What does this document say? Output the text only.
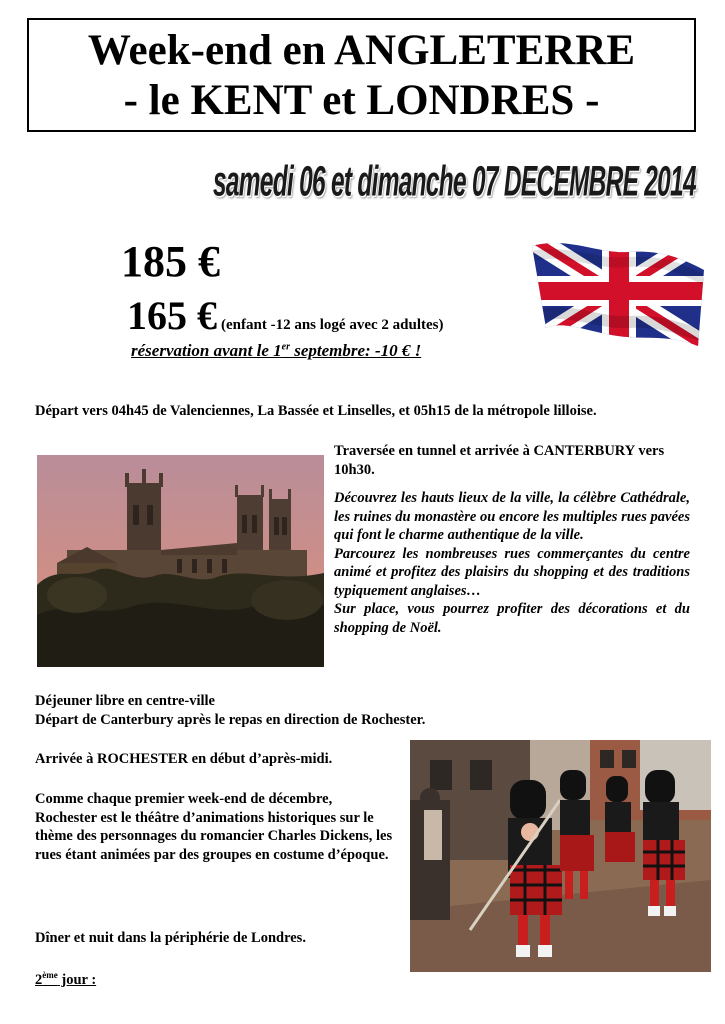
Week-end en ANGLETERRE
- le KENT et LONDRES -
samedi 06 et dimanche 07 DECEMBRE 2014
185 €
165 € (enfant -12 ans logé avec 2 adultes)
réservation avant le 1er septembre: -10 € !
Départ vers 04h45 de Valenciennes, La Bassée et Linselles, et 05h15 de la métropole lilloise.
Traversée en tunnel et arrivée à CANTERBURY vers 10h30.

Découvrez les hauts lieux de la ville, la célèbre Cathédrale, les ruines du monastère ou encore les multiples rues pavées qui font le charme authentique de la ville.

Parcourez les nombreuses rues commerçantes du centre animé et profitez des plaisirs du shopping et des traditions typiquement anglaises…

Sur place, vous pourrez profiter des décorations et du shopping de Noël.

Déjeuner libre en centre-ville
Départ de Canterbury après le repas en direction de Rochester.
Arrivée à ROCHESTER en début d’après-midi.
Comme chaque premier week-end de décembre, Rochester est le théâtre d’animations historiques sur le thème des personnages du romancier Charles Dickens, les rues étant animées par des groupes en costume d’époque.
Dîner et nuit dans la périphérie de Londres.
2ème jour :
